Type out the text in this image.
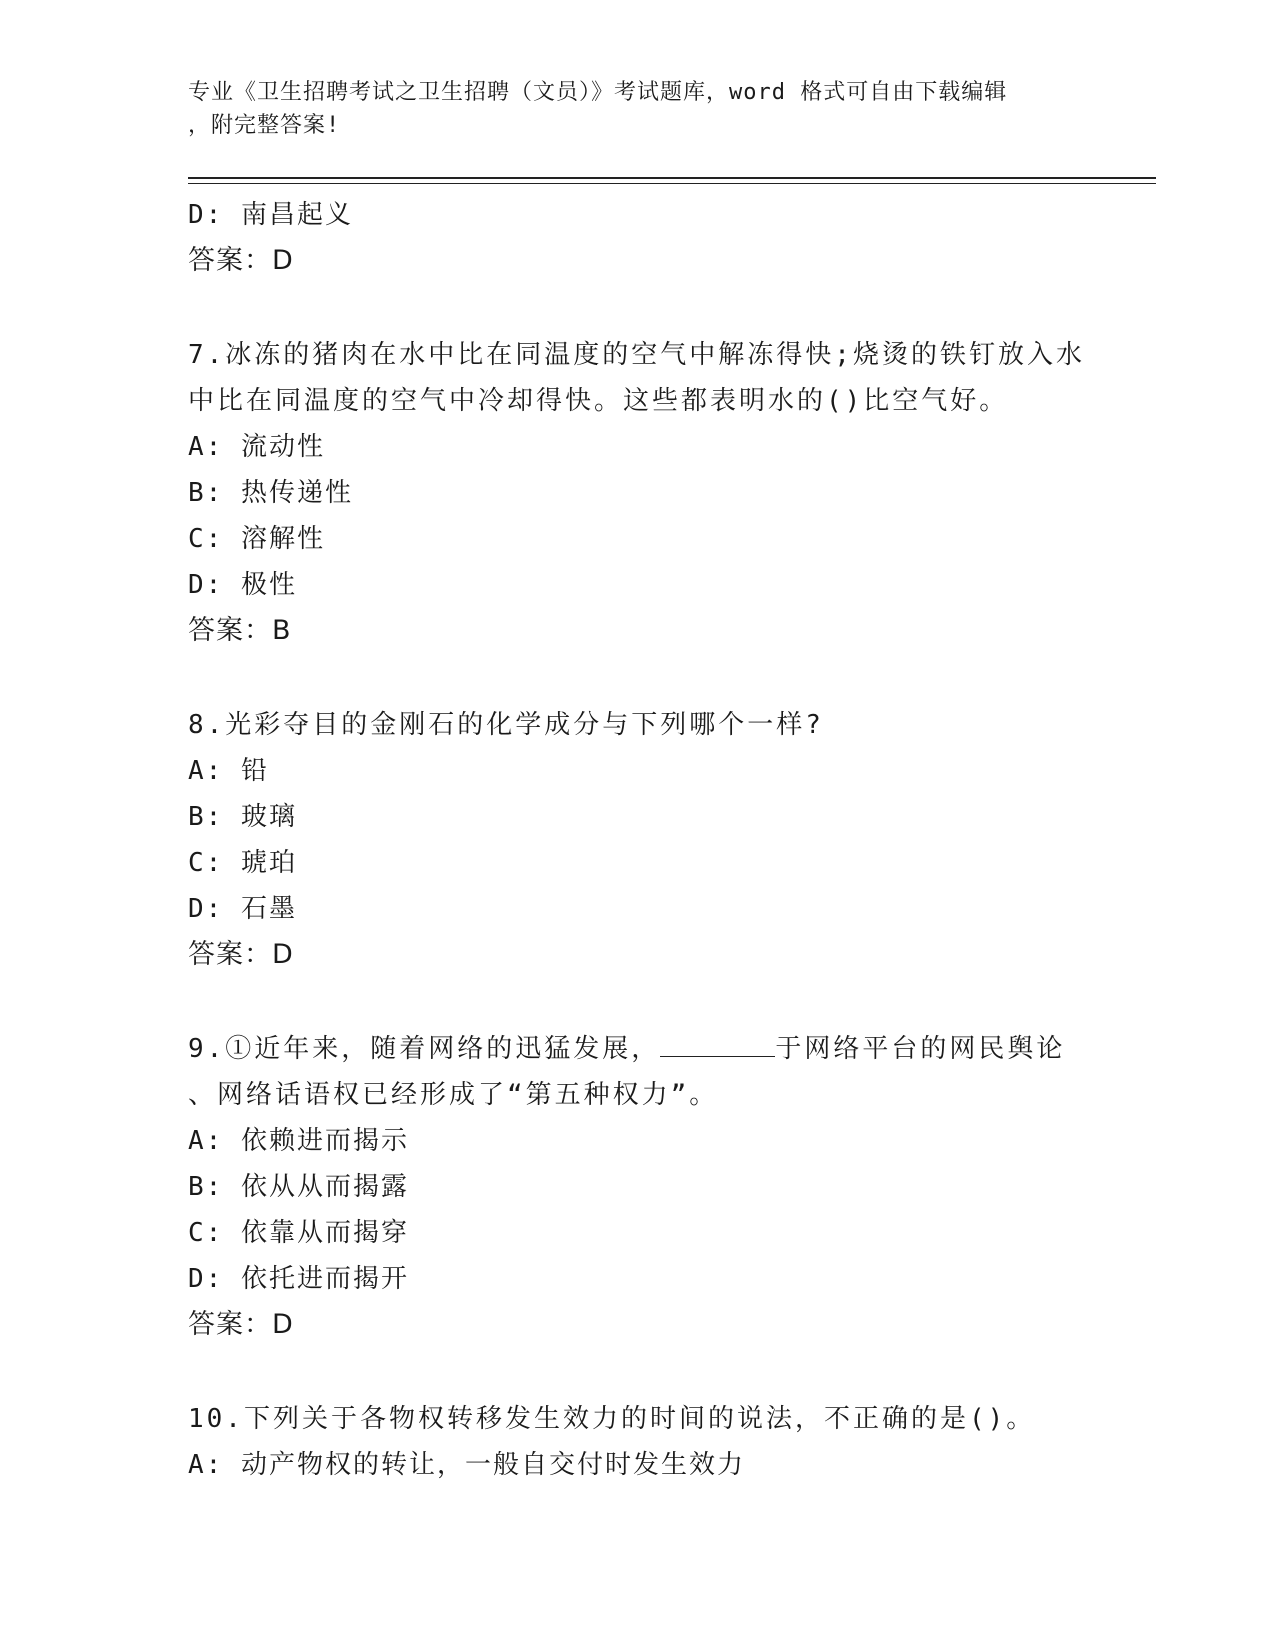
专业《卫生招聘考试之卫生招聘（文员）》考试题库，word 格式可自由下载编辑
，附完整答案!
D: 南昌起义
答案：D
7.冰冻的猪肉在水中比在同温度的空气中解冻得快;烧烫的铁钉放入水
中比在同温度的空气中冷却得快。这些都表明水的()比空气好。
A: 流动性
B: 热传递性
C: 溶解性
D: 极性
答案：B
8.光彩夺目的金刚石的化学成分与下列哪个一样?
A: 铅
B: 玻璃
C: 琥珀
D: 石墨
答案：D
9.①近年来，随着网络的迅猛发展，	于网络平台的网民舆论
、网络话语权已经形成了“第五种权力”。
A: 依赖进而揭示
B: 依从从而揭露
C: 依靠从而揭穿
D: 依托进而揭开
答案：D
10.下列关于各物权转移发生效力的时间的说法，不正确的是()。
A: 动产物权的转让，一般自交付时发生效力
